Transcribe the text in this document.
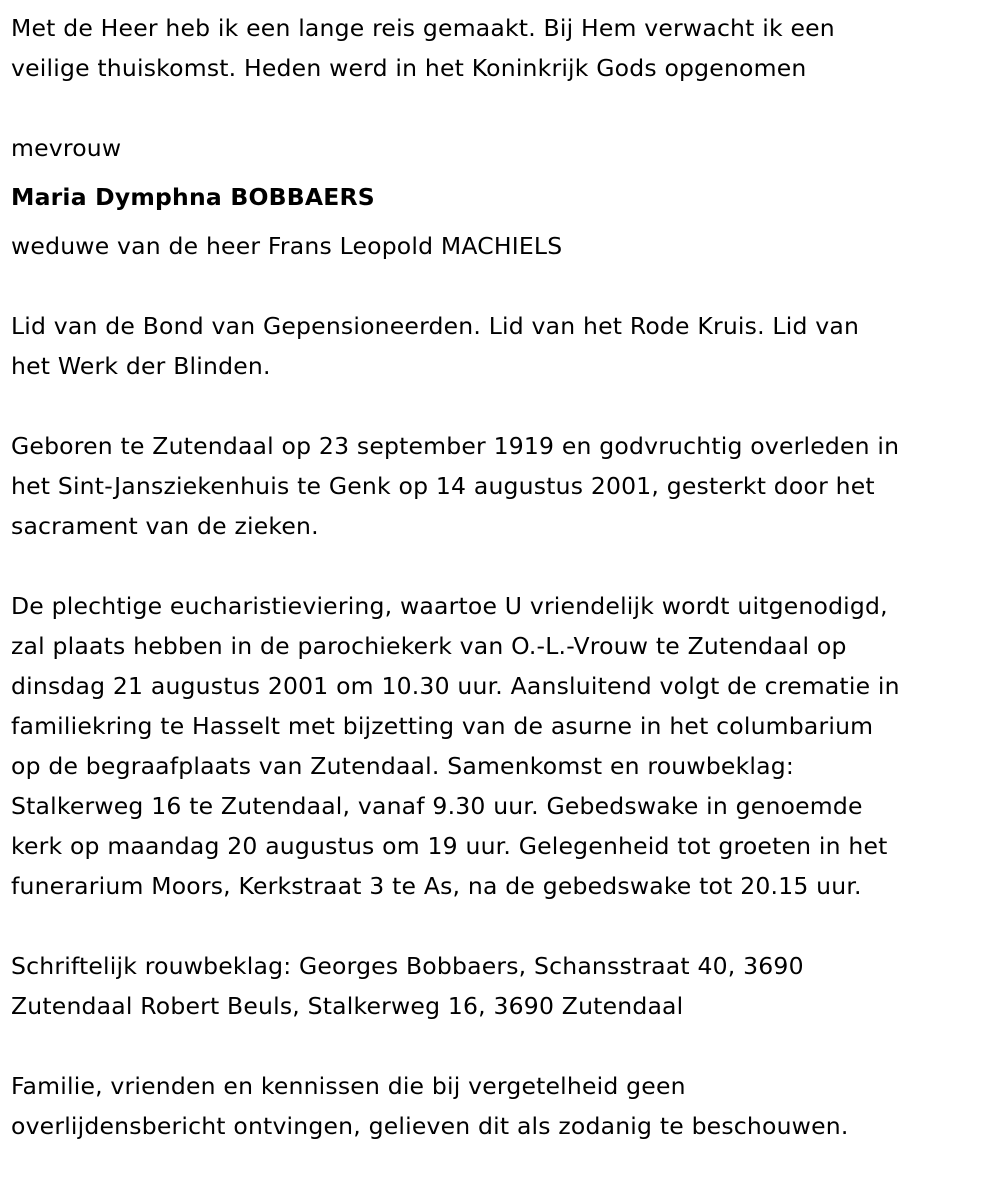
Met de Heer heb ik een lange reis gemaakt. Bij Hem verwacht ik een
veilige thuiskomst. Heden werd in het Koninkrijk Gods opgenomen
mevrouw
Maria Dymphna BOBBAERS
weduwe van de heer Frans Leopold MACHIELS
Lid van de Bond van Gepensioneerden. Lid van het Rode Kruis. Lid van
het Werk der Blinden.
Geboren te Zutendaal op 23 september 1919 en godvruchtig overleden in
het Sint-Jansziekenhuis te Genk op 14 augustus 2001, gesterkt door het
sacrament van de zieken.
De plechtige eucharistieviering, waartoe U vriendelijk wordt uitgenodigd,
zal plaats hebben in de parochiekerk van O.-L.-Vrouw te Zutendaal op
dinsdag 21 augustus 2001 om 10.30 uur. Aansluitend volgt de crematie in
familiekring te Hasselt met bijzetting van de asurne in het columbarium
op de begraafplaats van Zutendaal. Samenkomst en rouwbeklag:
Stalkerweg 16 te Zutendaal, vanaf 9.30 uur. Gebedswake in genoemde
kerk op maandag 20 augustus om 19 uur. Gelegenheid tot groeten in het
funerarium Moors, Kerkstraat 3 te As, na de gebedswake tot 20.15 uur.
Schriftelijk rouwbeklag: Georges Bobbaers, Schansstraat 40, 3690
Zutendaal Robert Beuls, Stalkerweg 16, 3690 Zutendaal
Familie, vrienden en kennissen die bij vergetelheid geen
overlijdensbericht ontvingen, gelieven dit als zodanig te beschouwen.
